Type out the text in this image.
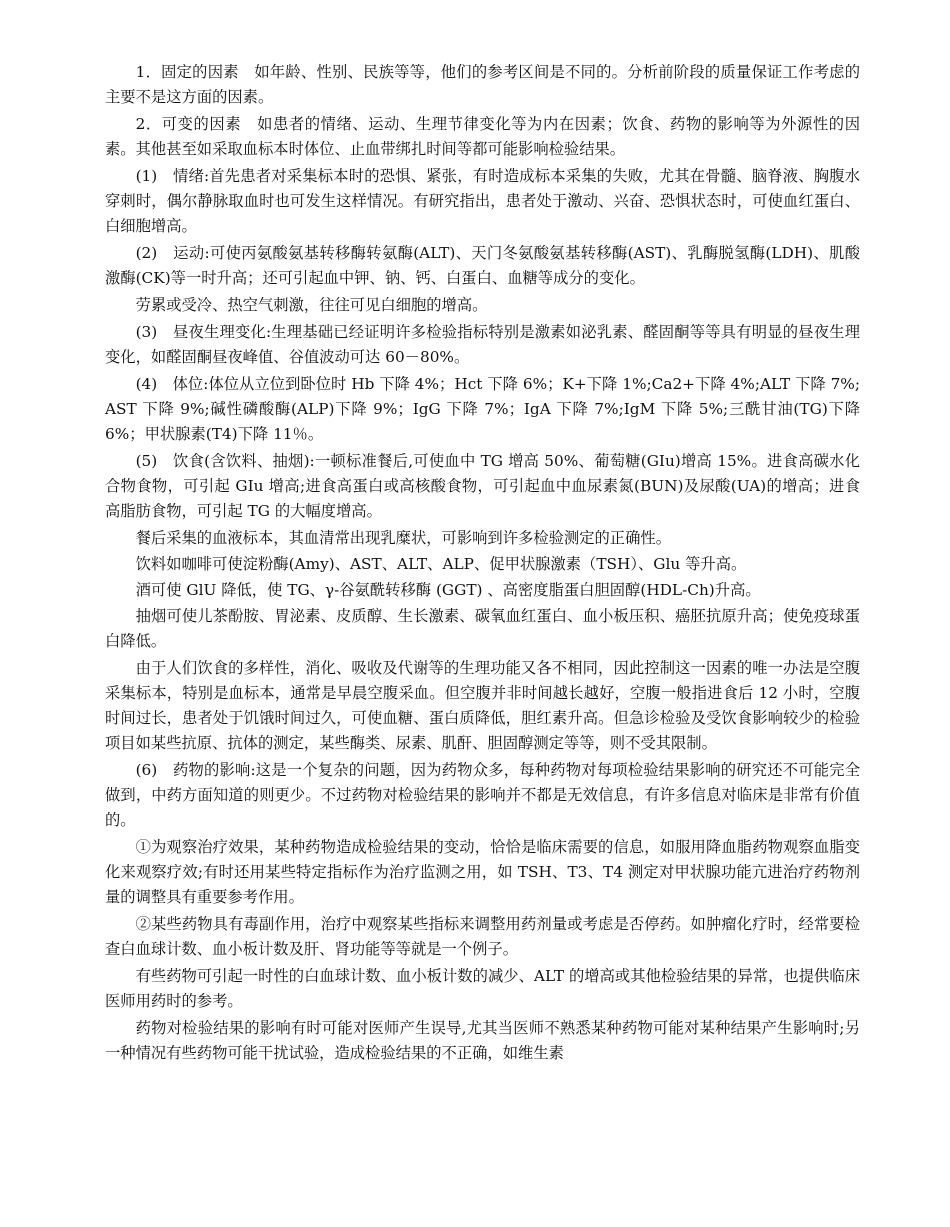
1．固定的因素　如年龄、性别、民族等等，他们的参考区间是不同的。分析前阶段的质量保证工作考虑的主要不是这方面的因素。

2．可变的因素　如患者的情绪、运动、生理节律变化等为内在因素；饮食、药物的影响等为外源性的因素。其他甚至如采取血标本时体位、止血带绑扎时间等都可能影响检验结果。

(1)　情绪:首先患者对采集标本时的恐惧、紧张，有时造成标本采集的失败，尤其在骨髓、脑脊液、胸腹水穿刺时，偶尔静脉取血时也可发生这样情况。有研究指出，患者处于激动、兴奋、恐惧状态时，可使血红蛋白、白细胞增高。

(2)　运动:可使丙氨酸氨基转移酶转氨酶(ALT)、天门冬氨酸氨基转移酶(AST)、乳酶脱氢酶(LDH)、肌酸激酶(CK)等一时升高；还可引起血中钾、钠、钙、白蛋白、血糖等成分的变化。

劳累或受冷、热空气刺激，往往可见白细胞的增高。

(3)　昼夜生理变化:生理基础已经证明许多检验指标特别是激素如泌乳素、醛固酮等等具有明显的昼夜生理变化，如醛固酮昼夜峰值、谷值波动可达 60－80%。

(4)　体位:体位从立位到卧位时 Hb 下降 4%；Hct 下降 6%；K+下降 1%;Ca2+下降 4%;ALT 下降 7%;AST 下降 9%;碱性磷酸酶(ALP)下降 9%；IgG 下降 7%；IgA 下降 7%;IgM 下降 5%;三酰甘油(TG)下降 6%；甲状腺素(T4)下降 11％。

(5)　饮食(含饮料、抽烟):一顿标准餐后,可使血中 TG 增高 50%、葡萄糖(GIu)增高 15%。进食高碳水化合物食物，可引起 GIu 增高;进食高蛋白或高核酸食物，可引起血中血尿素氮(BUN)及尿酸(UA)的增高；进食高脂肪食物，可引起 TG 的大幅度增高。

餐后采集的血液标本，其血清常出现乳糜状，可影响到许多检验测定的正确性。

饮料如咖啡可使淀粉酶(Amy)、AST、ALT、ALP、促甲状腺激素（TSH）、Glu 等升高。

酒可使 GlU 降低，使 TG、γ-谷氨酰转移酶 (GGT) 、高密度脂蛋白胆固醇(HDL-Ch)升高。

抽烟可使儿茶酚胺、胃泌素、皮质醇、生长激素、碳氧血红蛋白、血小板压积、癌胚抗原升高；使免疫球蛋白降低。

由于人们饮食的多样性，消化、吸收及代谢等的生理功能又各不相同，因此控制这一因素的唯一办法是空腹采集标本，特别是血标本，通常是早晨空腹采血。但空腹并非时间越长越好，空腹一般指进食后 12 小时，空腹时间过长，患者处于饥饿时间过久，可使血糖、蛋白质降低，胆红素升高。但急诊检验及受饮食影响较少的检验项目如某些抗原、抗体的测定，某些酶类、尿素、肌酐、胆固醇测定等等，则不受其限制。

(6)　药物的影响:这是一个复杂的问题，因为药物众多，每种药物对每项检验结果影响的研究还不可能完全做到，中药方面知道的则更少。不过药物对检验结果的影响并不都是无效信息，有许多信息对临床是非常有价值的。

①为观察治疗效果，某种药物造成检验结果的变动，恰恰是临床需要的信息，如服用降血脂药物观察血脂变化来观察疗效;有时还用某些特定指标作为治疗监测之用，如 TSH、T3、T4 测定对甲状腺功能亢进治疗药物剂量的调整具有重要参考作用。

②某些药物具有毒副作用，治疗中观察某些指标来调整用药剂量或考虑是否停药。如肿瘤化疗时，经常要检查白血球计数、血小板计数及肝、肾功能等等就是一个例子。

有些药物可引起一时性的白血球计数、血小板计数的减少、ALT 的增高或其他检验结果的异常，也提供临床医师用药时的参考。

药物对检验结果的影响有时可能对医师产生误导,尤其当医师不熟悉某种药物可能对某种结果产生影响时;另一种情况有些药物可能干扰试验，造成检验结果的不正确，如维生素
